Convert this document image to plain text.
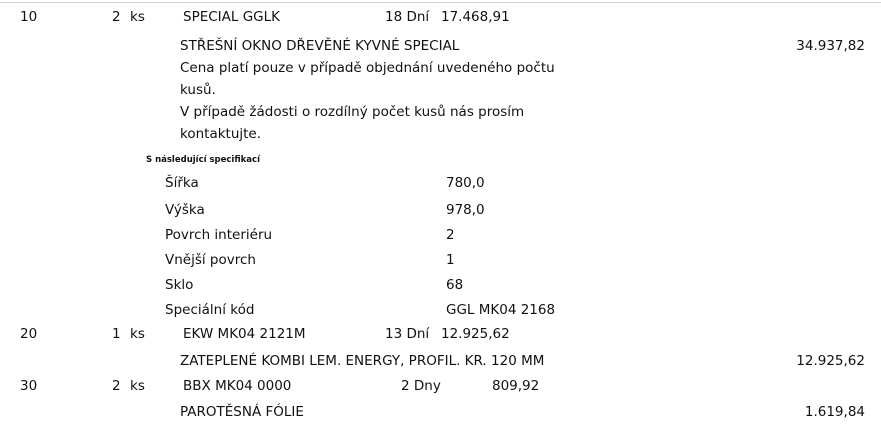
10	2 ks	SPECIAL GGLK	18 Dní 17.468,91
STŘEŠNÍ OKNO DŘEVĚNÉ KYVNÉ SPECIAL	34.937,82
Cena platí pouze v případě objednání uvedeného počtu
kusů.
V případě žádosti o rozdílný počet kusů nás prosím
kontaktujte.
S následující specifikací
Šířka	780,0
Výška	978,0
Povrch interiéru	2
Vnější povrch	1
Sklo	68
Speciální kód	GGL MK04 2168
20	1 ks	EKW MK04 2121M	13 Dní 12.925,62
ZATEPLENÉ KOMBI LEM. ENERGY, PROFIL. KR. 120 MM	12.925,62
30	2 ks	BBX MK04 0000	2 Dny	809,92
PAROTĚSNÁ FÓLIE	1.619,84
